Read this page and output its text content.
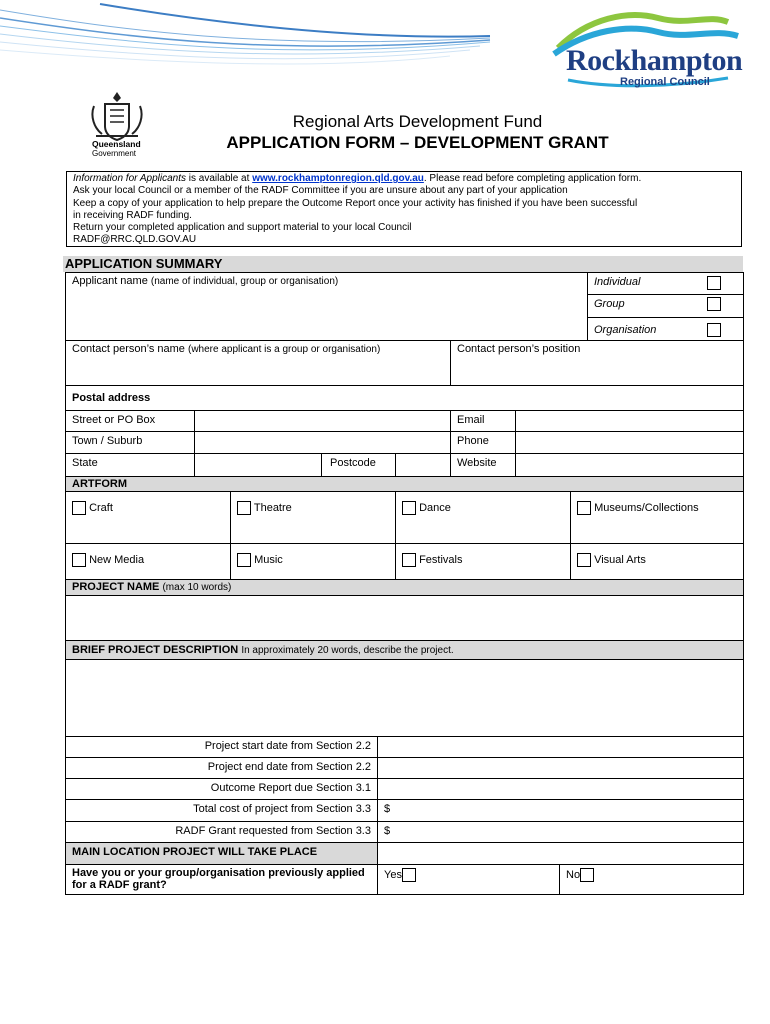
Queensland
Government
Rockhampton
Regional Council
Regional Arts Development Fund
APPLICATION FORM – DEVELOPMENT GRANT
Information for Applicants is available at www.rockhamptonregion.qld.gov.au. Please read before completing application form.
Ask your local Council or a member of the RADF Committee if you are unsure about any part of your application
Keep a copy of your application to help prepare the Outcome Report once your activity has finished if you have been successful
in receiving RADF funding.
Return your completed application and support material to your local Council
RADF@RRC.QLD.GOV.AU
APPLICATION SUMMARY
Applicant name (name of individual, group or organisation)	Individual
Group
Organisation
Contact person’s name (where applicant is a group or organisation)	Contact person’s position
Postal address
Street or PO Box	Email
Town / Suburb	Phone
State	Postcode	Website
ARTFORM
Craft	Theatre	Dance	Museums/Collections
New Media	Music	Festivals	Visual Arts
PROJECT NAME (max 10 words)
BRIEF PROJECT DESCRIPTION In approximately 20 words, describe the project.
Project start date from Section 2.2
Project end date from Section 2.2
Outcome Report due Section 3.1
Total cost of project from Section 3.3	$
RADF Grant requested from Section 3.3	$
MAIN LOCATION PROJECT WILL TAKE PLACE
Have you or your group/organisation previously applied for a RADF grant?
Yes	No
